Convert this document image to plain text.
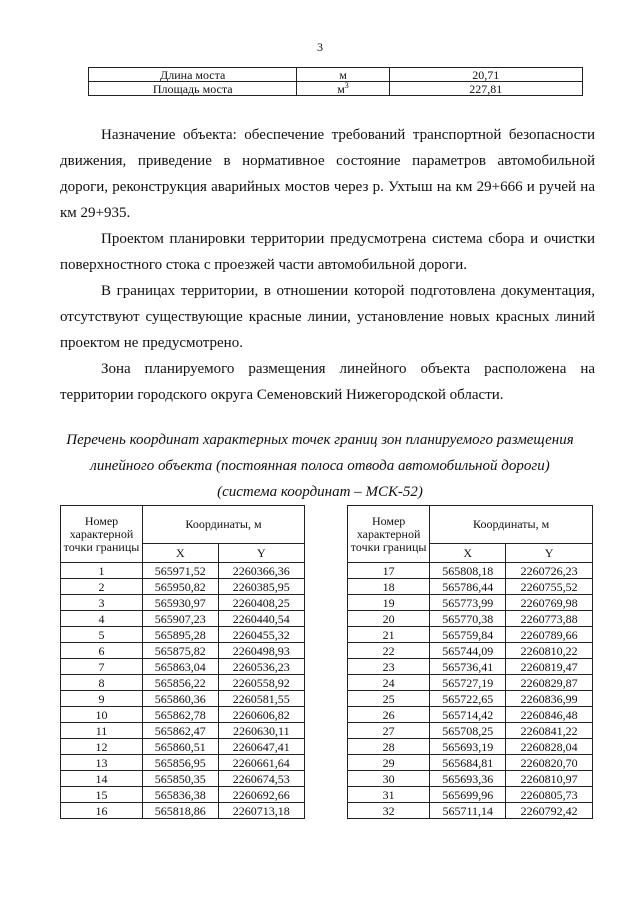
3
Длина моста	м	20,71
Площадь моста	$м^3$	227,81

Назначение объекта: обеспечение требований транспортной безопасности движения, приведение в нормативное состояние параметров автомобильной дороги, реконструкция аварийных мостов через р. Ухтыш на км 29+666 и ручей на км 29+935.

Проектом планировки территории предусмотрена система сбора и очистки поверхностного стока с проезжей части автомобильной дороги.

В границах территории, в отношении которой подготовлена документация, отсутствуют существующие красные линии, установление новых красных линий проектом не предусмотрено.

Зона планируемого размещения линейного объекта расположена на территории городского округа Семеновский Нижегородской области.

Перечень координат характерных точек границ зон планируемого размещения
линейного объекта (постоянная полоса отвода автомобильной дороги)
(система координат – МСК-52)
Номер характерной точки границы	Координаты, м	
	X	Y
1	565971,52	2260366,36
2	565950,82	2260385,95
3	565930,97	2260408,25
4	565907,23	2260440,54
5	565895,28	2260455,32
6	565875,82	2260498,93
7	565863,04	2260536,23
8	565856,22	2260558,92
9	565860,36	2260581,55
10	565862,78	2260606,82
11	565862,47	2260630,11
12	565860,51	2260647,41
13	565856,95	2260661,64
14	565850,35	2260674,53
15	565836,38	2260692,66
16	565818,86	2260713,18
Номер характерной точки границы	Координаты, м	
	X	Y
17	565808,18	2260726,23
18	565786,44	2260755,52
19	565773,99	2260769,98
20	565770,38	2260773,88
21	565759,84	2260789,66
22	565744,09	2260810,22
23	565736,41	2260819,47
24	565727,19	2260829,87
25	565722,65	2260836,99
26	565714,42	2260846,48
27	565708,25	2260841,22
28	565693,19	2260828,04
29	565684,81	2260820,70
30	565693,36	2260810,97
31	565699,96	2260805,73
32	565711,14	2260792,42
